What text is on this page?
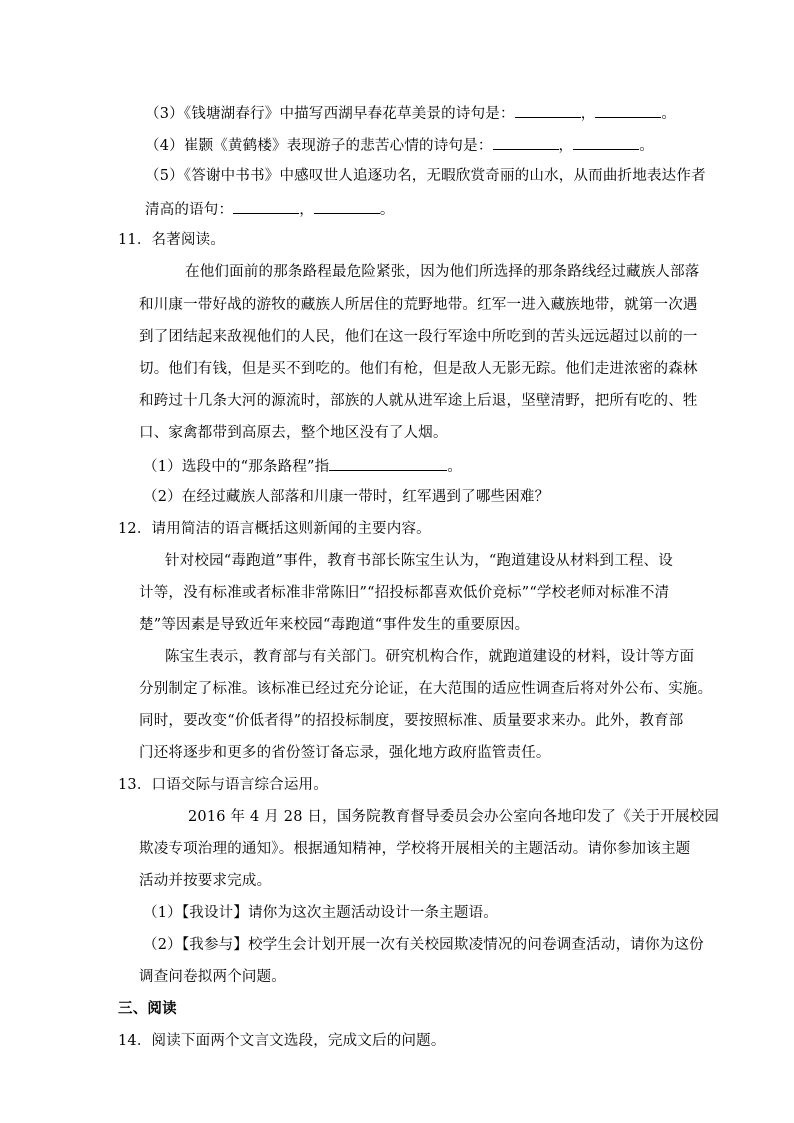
（3）《钱塘湖春行》中描写西湖早春花草美景的诗句是：	，	。
（4）崔颢《黄鹤楼》表现游子的悲苦心情的诗句是：	，	。
（5）《答谢中书书》中感叹世人追逐功名，无暇欣赏奇丽的山水，从而曲折地表达作者
清高的语句：	，	。
11．名著阅读。
在他们面前的那条路程最危险紧张，因为他们所选择的那条路线经过藏族人部落
和川康一带好战的游牧的藏族人所居住的荒野地带。红军一进入藏族地带，就第一次遇
到了团结起来敌视他们的人民，他们在这一段行军途中所吃到的苦头远远超过以前的一
切。他们有钱，但是买不到吃的。他们有枪，但是敌人无影无踪。他们走进浓密的森林
和跨过十几条大河的源流时，部族的人就从进军途上后退，坚壁清野，把所有吃的、牲
口、家禽都带到高原去，整个地区没有了人烟。
（1）选段中的“那条路程”指	。
（2）在经过藏族人部落和川康一带时，红军遇到了哪些困难？
12．请用简洁的语言概括这则新闻的主要内容。
针对校园“毒跑道”事件，教育书部长陈宝生认为，“跑道建设从材料到工程、设
计等，没有标准或者标准非常陈旧”“招投标都喜欢低价竞标”“学校老师对标准不清
楚”等因素是导致近年来校园“毒跑道“事件发生的重要原因。
陈宝生表示，教育部与有关部门。研究机构合作，就跑道建设的材料，设计等方面
分别制定了标准。该标准已经过充分论证，在大范围的适应性调查后将对外公布、实施。
同时，要改变“价低者得”的招投标制度，要按照标准、质量要求来办。此外，教育部
门还将逐步和更多的省份签订备忘录，强化地方政府监管责任。
13．口语交际与语言综合运用。
2016 年 4 月 28 日，国务院教育督导委员会办公室向各地印发了《关于开展校园
欺凌专项治理的通知》。根据通知精神，学校将开展相关的主题活动。请你参加该主题
活动并按要求完成。
（1）【我设计】请你为这次主题活动设计一条主题语。
（2）【我参与】校学生会计划开展一次有关校园欺凌情况的问卷调查活动，请你为这份
调查问卷拟两个问题。
三、阅读
14．阅读下面两个文言文选段，完成文后的问题。
